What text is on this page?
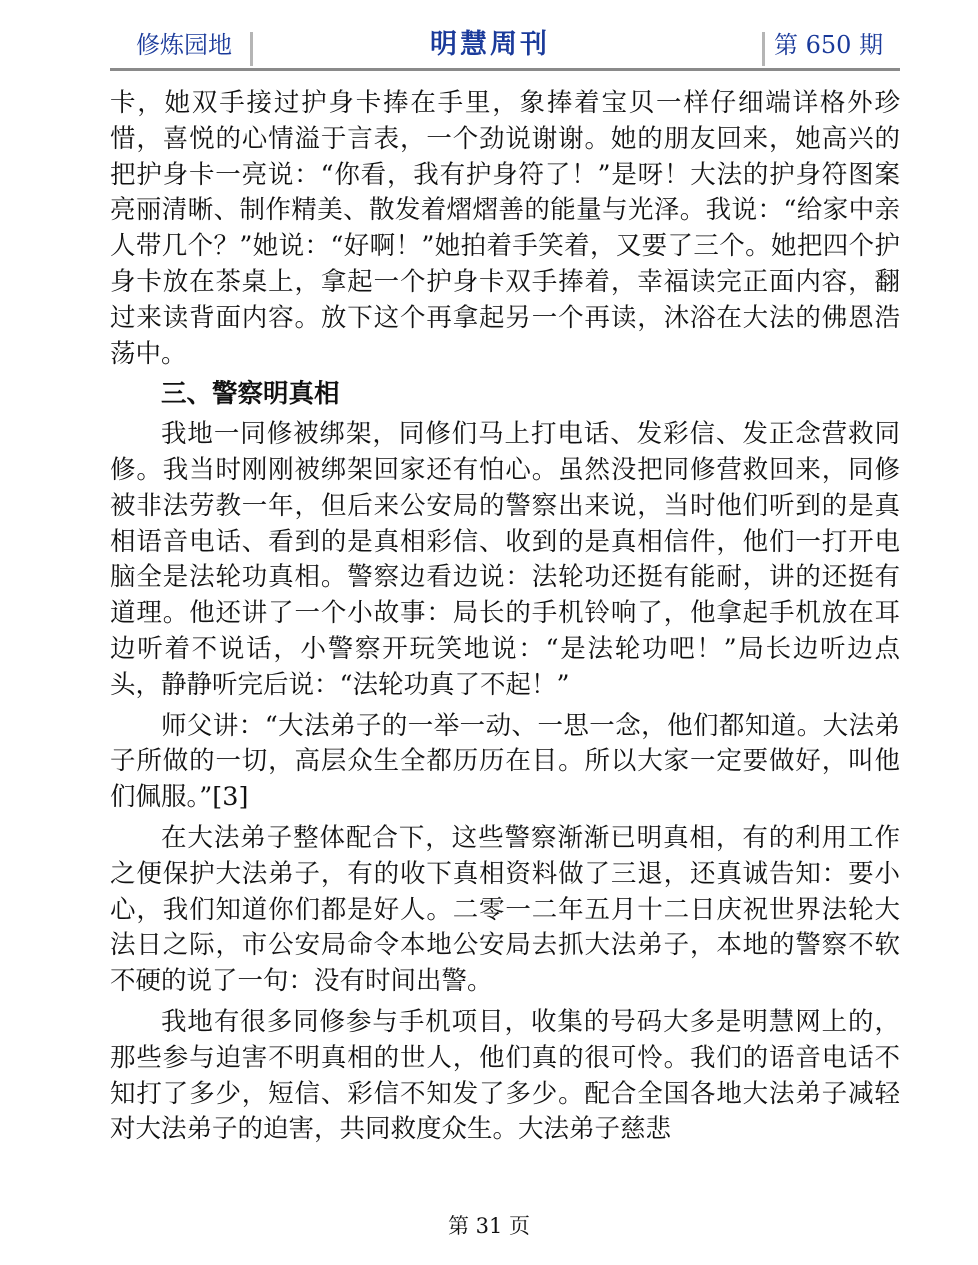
修炼园地	明慧周刊	第 650 期

卡，她双手接过护身卡捧在手里，象捧着宝贝一样仔细端详格外珍惜，喜悦的心情溢于言表，一个劲说谢谢。她的朋友回来，她高兴的把护身卡一亮说：“你看，我有护身符了！”是呀！大法的护身符图案亮丽清晰、制作精美、散发着熠熠善的能量与光泽。我说：“给家中亲人带几个？”她说：“好啊！”她拍着手笑着，又要了三个。她把四个护身卡放在茶桌上，拿起一个护身卡双手捧着，幸福读完正面内容，翻过来读背面内容。放下这个再拿起另一个再读，沐浴在大法的佛恩浩荡中。

三、警察明真相

我地一同修被绑架，同修们马上打电话、发彩信、发正念营救同修。我当时刚刚被绑架回家还有怕心。虽然没把同修营救回来，同修被非法劳教一年，但后来公安局的警察出来说，当时他们听到的是真相语音电话、看到的是真相彩信、收到的是真相信件，他们一打开电脑全是法轮功真相。警察边看边说：法轮功还挺有能耐，讲的还挺有道理。他还讲了一个小故事：局长的手机铃响了，他拿起手机放在耳边听着不说话，小警察开玩笑地说：“是法轮功吧！”局长边听边点头，静静听完后说：“法轮功真了不起！”

师父讲：“大法弟子的一举一动、一思一念，他们都知道。大法弟子所做的一切，高层众生全都历历在目。所以大家一定要做好，叫他们佩服。”[3]

在大法弟子整体配合下，这些警察渐渐已明真相，有的利用工作之便保护大法弟子，有的收下真相资料做了三退，还真诚告知：要小心，我们知道你们都是好人。二零一二年五月十二日庆祝世界法轮大法日之际，市公安局命令本地公安局去抓大法弟子，本地的警察不软不硬的说了一句：没有时间出警。

我地有很多同修参与手机项目，收集的号码大多是明慧网上的，那些参与迫害不明真相的世人，他们真的很可怜。我们的语音电话不知打了多少，短信、彩信不知发了多少。配合全国各地大法弟子减轻对大法弟子的迫害，共同救度众生。大法弟子慈悲

第 31 页
